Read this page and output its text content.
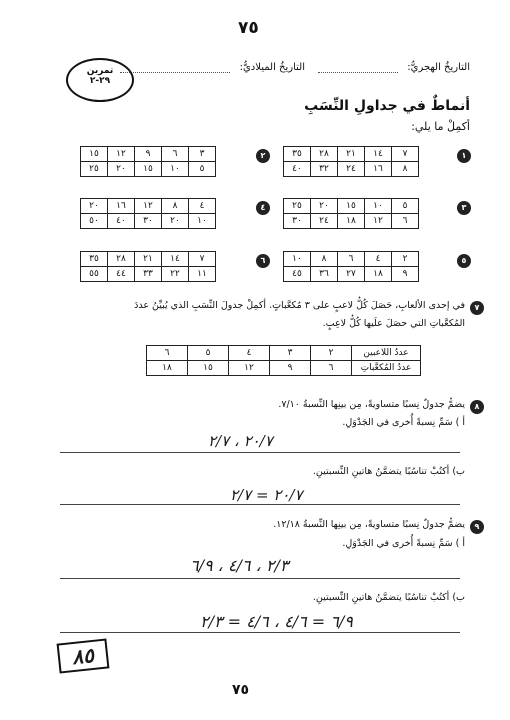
٧٥
التاريخُ الهجريُّ:
التاريخُ الميلاديُّ:
تمرين
٢٩-٢
أنماطٌ في جداولِ النِّسَبِ
أكمِلْ ما يلي:
١
٧	١٤	٢١	٢٨	٣٥
٨	١٦	٢٤	٣٢	٤٠
٢
٣	٦	٩	١٢	١٥
٥	١٠	١٥	٢٠	٢٥
٣
٥	١٠	١٥	٢٠	٢٥
٦	١٢	١٨	٢٤	٣٠
٤
٤	٨	١٢	١٦	٢٠
١٠	٢٠	٣٠	٤٠	٥٠
٥
٢	٤	٦	٨	١٠
٩	١٨	٢٧	٣٦	٤٥
٦
٧	١٤	٢١	٢٨	٣٥
١١	٢٢	٣٣	٤٤	٥٥
٧
في إحدى الألعابِ، حَصَلَ كُلُّ لاعبٍ على ٣ مُكعَّباتٍ. أكمِلْ جدولَ النِّسَبِ الذي يُبيِّنُ عددَ
المُكعَّباتِ التي حصَلَ علَيها كُلُّ لاعِبٍ.
عددُ اللاعبين	٢	٣	٤	٥	٦
عددُ المُكعَّباتِ	٦	٩	١٢	١٥	١٨
٨
يضمُّ جدولٌ نِسبًا متساويةً، مِن بينِها النِّسبةُ ٧/١٠.
أ ) سَمِّ نِسبةً أُخرى في الجَدْوَلِ.
٢٠/٧ ، ٢/٧
ب) أكتُبْ تناسُبًا يتضمَّنُ هاتينِ النِّسبتينِ.
٢٠/٧ = ٢/٧
٩
يضمُّ جدولٌ نِسبًا متساويةً، مِن بينِها النِّسبةُ ١٢/١٨.
أ ) سَمِّ نِسبةً أُخرى في الجَدْوَلِ.
٢/٣ ، ٤/٦ ، ٦/٩
ب) أكتُبْ تناسُبًا يتضمَّنُ هاتينِ النِّسبتينِ.
٦/٩ = ٤/٦ ، ٤/٦ = ٢/٣
٨٥
٧٥
